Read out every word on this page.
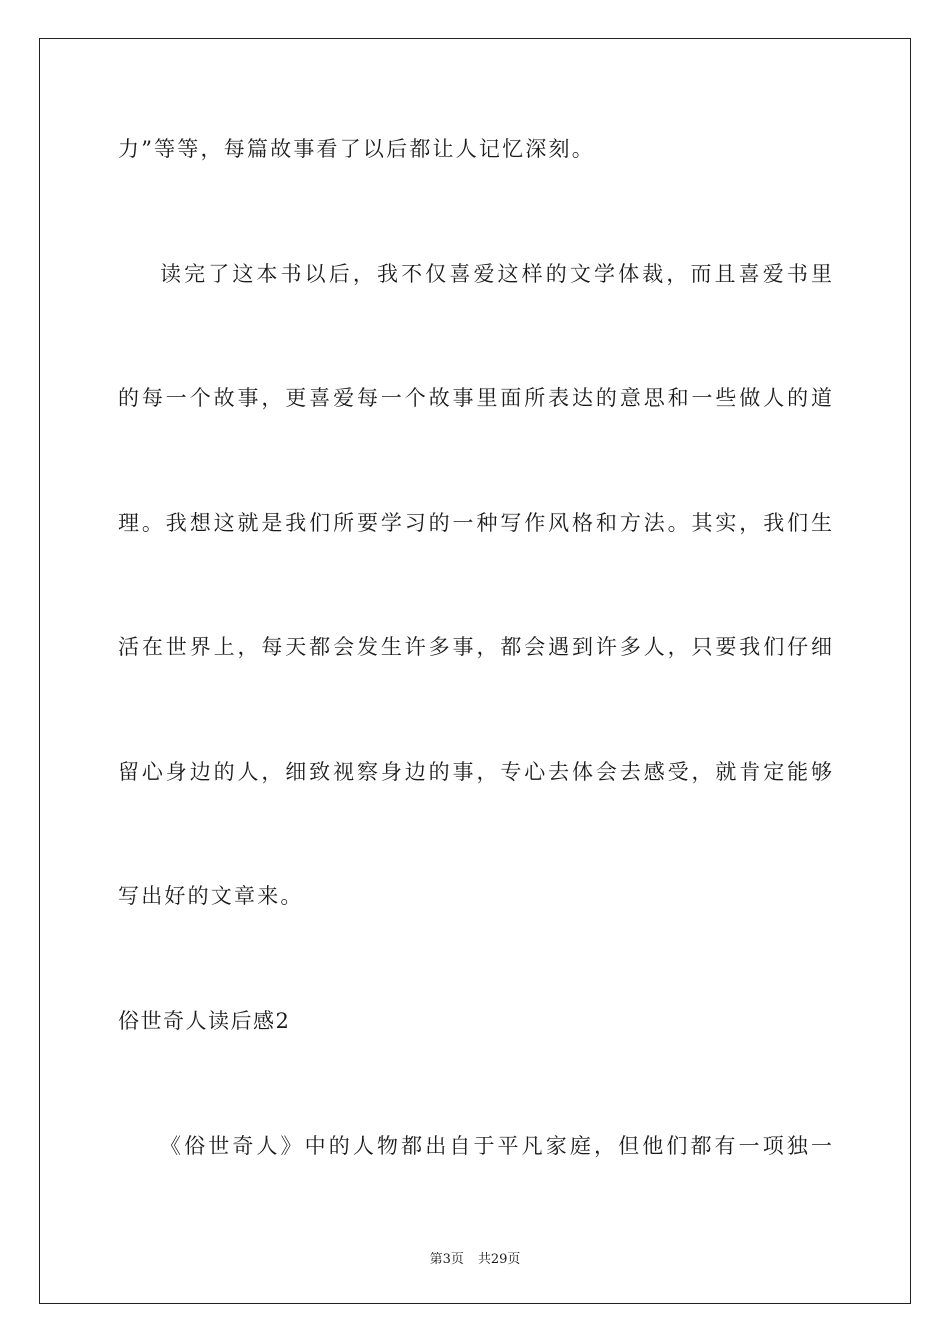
力”等等，每篇故事看了以后都让人记忆深刻。
读完了这本书以后，我不仅喜爱这样的文学体裁，而且喜爱书里
的每一个故事，更喜爱每一个故事里面所表达的意思和一些做人的道
理。我想这就是我们所要学习的一种写作风格和方法。其实，我们生
活在世界上，每天都会发生许多事，都会遇到许多人，只要我们仔细
留心身边的人，细致视察身边的事，专心去体会去感受，就肯定能够
写出好的文章来。
俗世奇人读后感2
《俗世奇人》中的人物都出自于平凡家庭，但他们都有一项独一
第3页 共29页
